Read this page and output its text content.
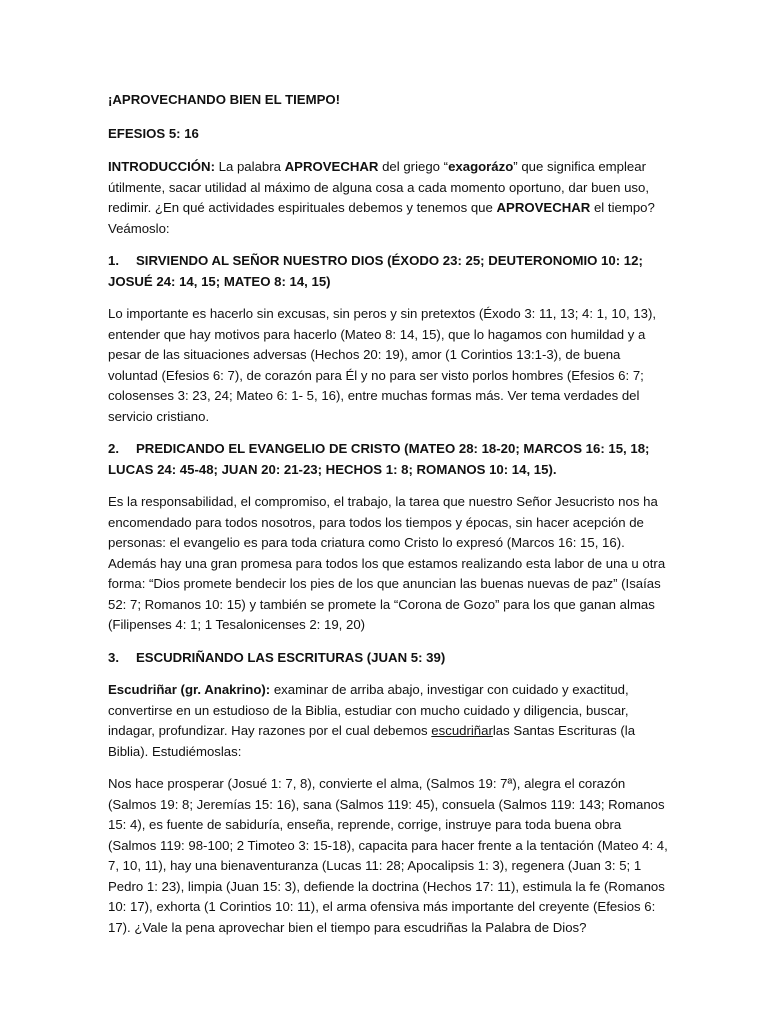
¡APROVECHANDO BIEN EL TIEMPO!

EFESIOS 5: 16

INTRODUCCIÓN: La palabra APROVECHAR del griego “exagorázo” que significa emplear útilmente, sacar utilidad al máximo de alguna cosa a cada momento oportuno, dar buen uso, redimir. ¿En qué actividades espirituales debemos y tenemos que APROVECHAR el tiempo? Veámoslo:

1. SIRVIENDO AL SEÑOR NUESTRO DIOS (ÉXODO 23: 25; DEUTERONOMIO 10: 12; JOSUÉ 24: 14, 15; MATEO 8: 14, 15)

Lo importante es hacerlo sin excusas, sin peros y sin pretextos (Éxodo 3: 11, 13; 4: 1, 10, 13), entender que hay motivos para hacerlo (Mateo 8: 14, 15), que lo hagamos con humildad y a pesar de las situaciones adversas (Hechos 20: 19), amor (1 Corintios 13:1-3), de buena voluntad (Efesios 6: 7), de corazón para Él y no para ser visto porlos hombres (Efesios 6: 7; colosenses 3: 23, 24; Mateo 6: 1- 5, 16), entre muchas formas más. Ver tema verdades del servicio cristiano.

2. PREDICANDO EL EVANGELIO DE CRISTO (MATEO 28: 18-20; MARCOS 16: 15, 18; LUCAS 24: 45-48; JUAN 20: 21-23; HECHOS 1: 8; ROMANOS 10: 14, 15).

Es la responsabilidad, el compromiso, el trabajo, la tarea que nuestro Señor Jesucristo nos ha encomendado para todos nosotros, para todos los tiempos y épocas, sin hacer acepción de personas: el evangelio es para toda criatura como Cristo lo expresó (Marcos 16: 15, 16). Además hay una gran promesa para todos los que estamos realizando esta labor de una u otra forma: “Dios promete bendecir los pies de los que anuncian las buenas nuevas de paz” (Isaías 52: 7; Romanos 10: 15) y también se promete la “Corona de Gozo” para los que ganan almas (Filipenses 4: 1; 1 Tesalonicenses 2: 19, 20)

3. ESCUDRIÑANDO LAS ESCRITURAS (JUAN 5: 39)

Escudriñar (gr. Anakrino): examinar de arriba abajo, investigar con cuidado y exactitud, convertirse en un estudioso de la Biblia, estudiar con mucho cuidado y diligencia, buscar, indagar, profundizar. Hay razones por el cual debemos escudriñarlas Santas Escrituras (la Biblia). Estudiémoslas:

Nos hace prosperar (Josué 1: 7, 8), convierte el alma, (Salmos 19: 7ª), alegra el corazón (Salmos 19: 8; Jeremías 15: 16), sana (Salmos 119: 45), consuela (Salmos 119: 143; Romanos 15: 4), es fuente de sabiduría, enseña, reprende, corrige, instruye para toda buena obra (Salmos 119: 98-100; 2 Timoteo 3: 15-18), capacita para hacer frente a la tentación (Mateo 4: 4, 7, 10, 11), hay una bienaventuranza (Lucas 11: 28; Apocalipsis 1: 3), regenera (Juan 3: 5; 1 Pedro 1: 23), limpia (Juan 15: 3), defiende la doctrina (Hechos 17: 11), estimula la fe (Romanos 10: 17), exhorta (1 Corintios 10: 11), el arma ofensiva más importante del creyente (Efesios 6: 17). ¿Vale la pena aprovechar bien el tiempo para escudriñas la Palabra de Dios?
